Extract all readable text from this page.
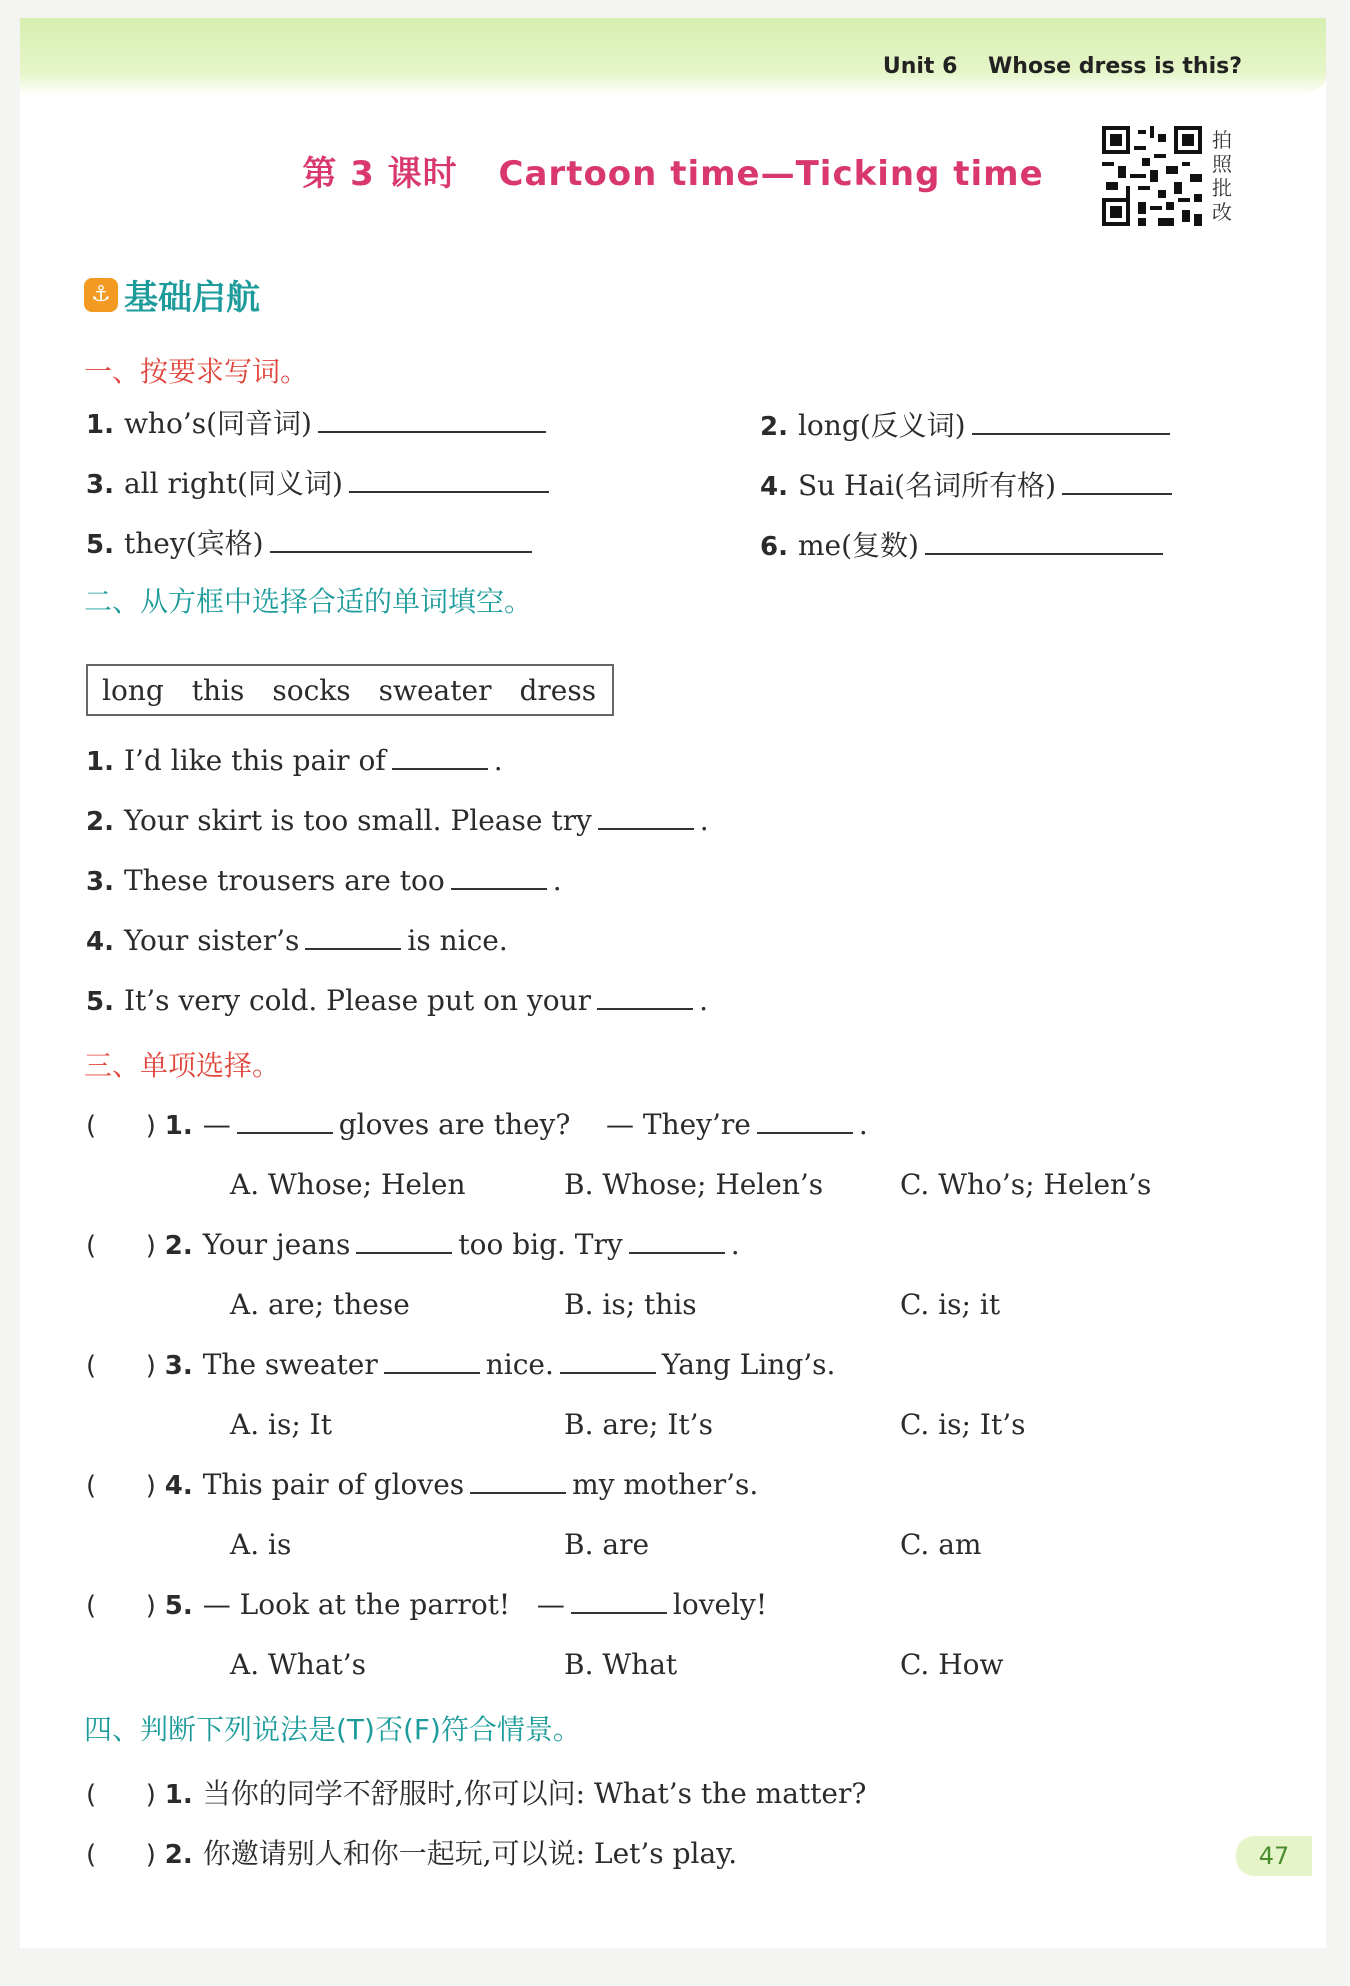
Unit 6 Whose dress is this?
第 3 课时 Cartoon time—Ticking time
拍
照
批
改
⚓ 基础启航
一、按要求写词。
1. who’s(同音词)	2. long(反义词)
3. all right(同义词)	4. Su Hai(名词所有格)
5. they(宾格)	6. me(复数)
二、从方框中选择合适的单词填空。
long this socks sweater dress
1. I’d like this pair of	.
2. Your skirt is too small. Please try	.
3. These trousers are too	.
4. Your sister’s	is nice.
5. It’s very cold. Please put on your	.
三、单项选择。
(      ) 1. —	gloves are they? — They’re	.
A. Whose; Helen	B. Whose; Helen’s	C. Who’s; Helen’s
(      ) 2. Your jeans	too big. Try	.
A. are; these	B. is; this	C. is; it
(      ) 3. The sweater	nice.	Yang Ling’s.
A. is; It	B. are; It’s	C. is; It’s
(      ) 4. This pair of gloves	my mother’s.
A. is	B. are	C. am
(      ) 5. — Look at the parrot! —	lovely!
A. What’s	B. What	C. How
四、判断下列说法是(T)否(F)符合情景。
(      ) 1. 当你的同学不舒服时,你可以问: What’s the matter?
(      ) 2. 你邀请别人和你一起玩,可以说: Let’s play.	47
